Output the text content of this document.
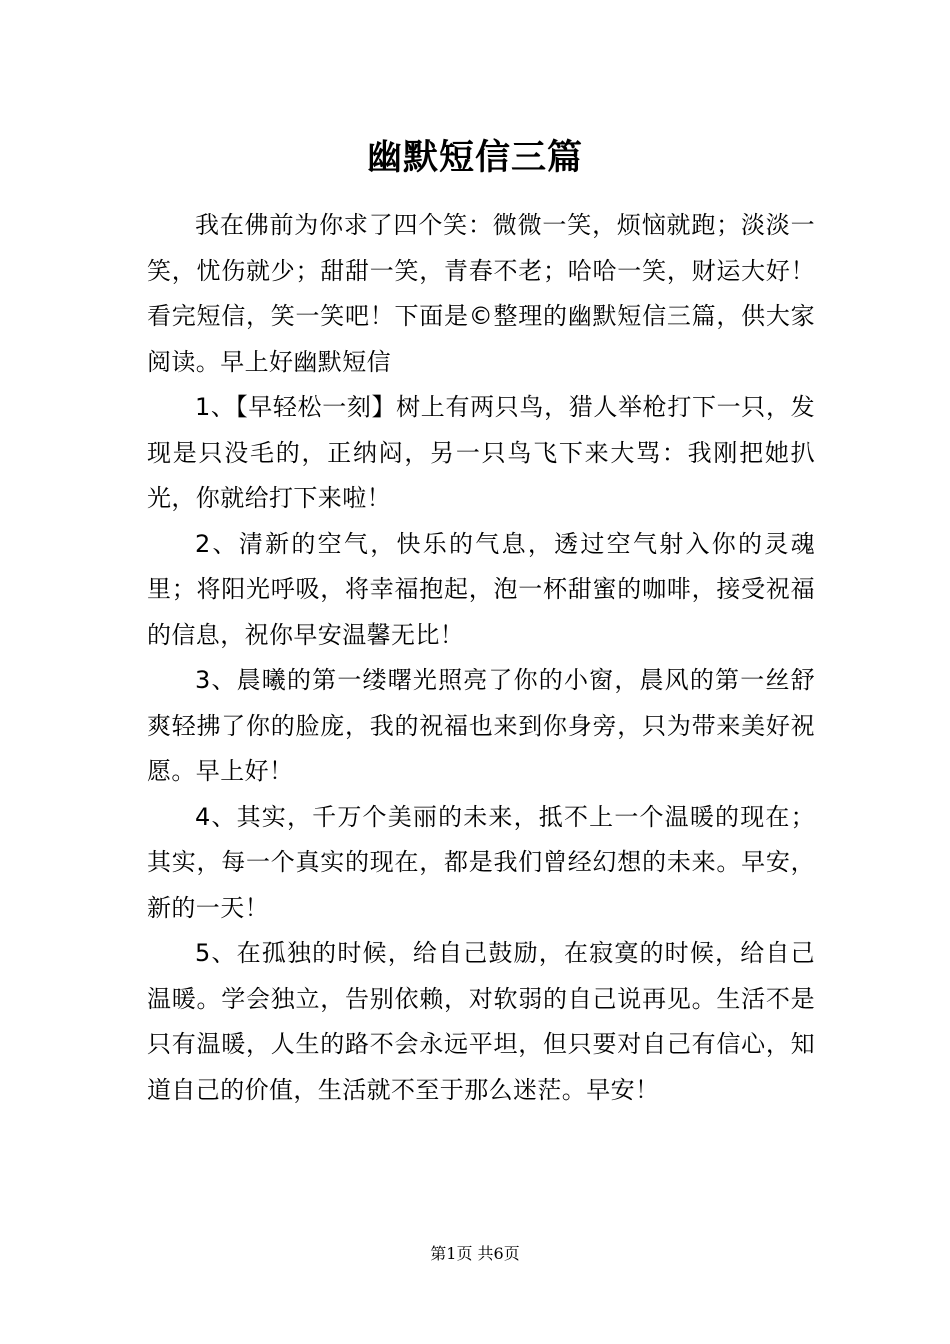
幽默短信三篇

我在佛前为你求了四个笑：微微一笑，烦恼就跑；淡淡一笑，忧伤就少；甜甜一笑，青春不老；哈哈一笑，财运大好！看完短信，笑一笑吧！下面是©整理的幽默短信三篇，供大家阅读。早上好幽默短信

1、【早轻松一刻】树上有两只鸟，猎人举枪打下一只，发现是只没毛的，正纳闷，另一只鸟飞下来大骂：我刚把她扒光，你就给打下来啦！

2、清新的空气，快乐的气息，透过空气射入你的灵魂里；将阳光呼吸，将幸福抱起，泡一杯甜蜜的咖啡，接受祝福的信息，祝你早安温馨无比！

3、晨曦的第一缕曙光照亮了你的小窗，晨风的第一丝舒爽轻拂了你的脸庞，我的祝福也来到你身旁，只为带来美好祝愿。早上好！

4、其实，千万个美丽的未来，抵不上一个温暖的现在；其实，每一个真实的现在，都是我们曾经幻想的未来。早安，新的一天！

5、在孤独的时候，给自己鼓励，在寂寞的时候，给自己温暖。学会独立，告别依赖，对软弱的自己说再见。生活不是只有温暖，人生的路不会永远平坦，但只要对自己有信心，知道自己的价值，生活就不至于那么迷茫。早安！

第1页 共6页
